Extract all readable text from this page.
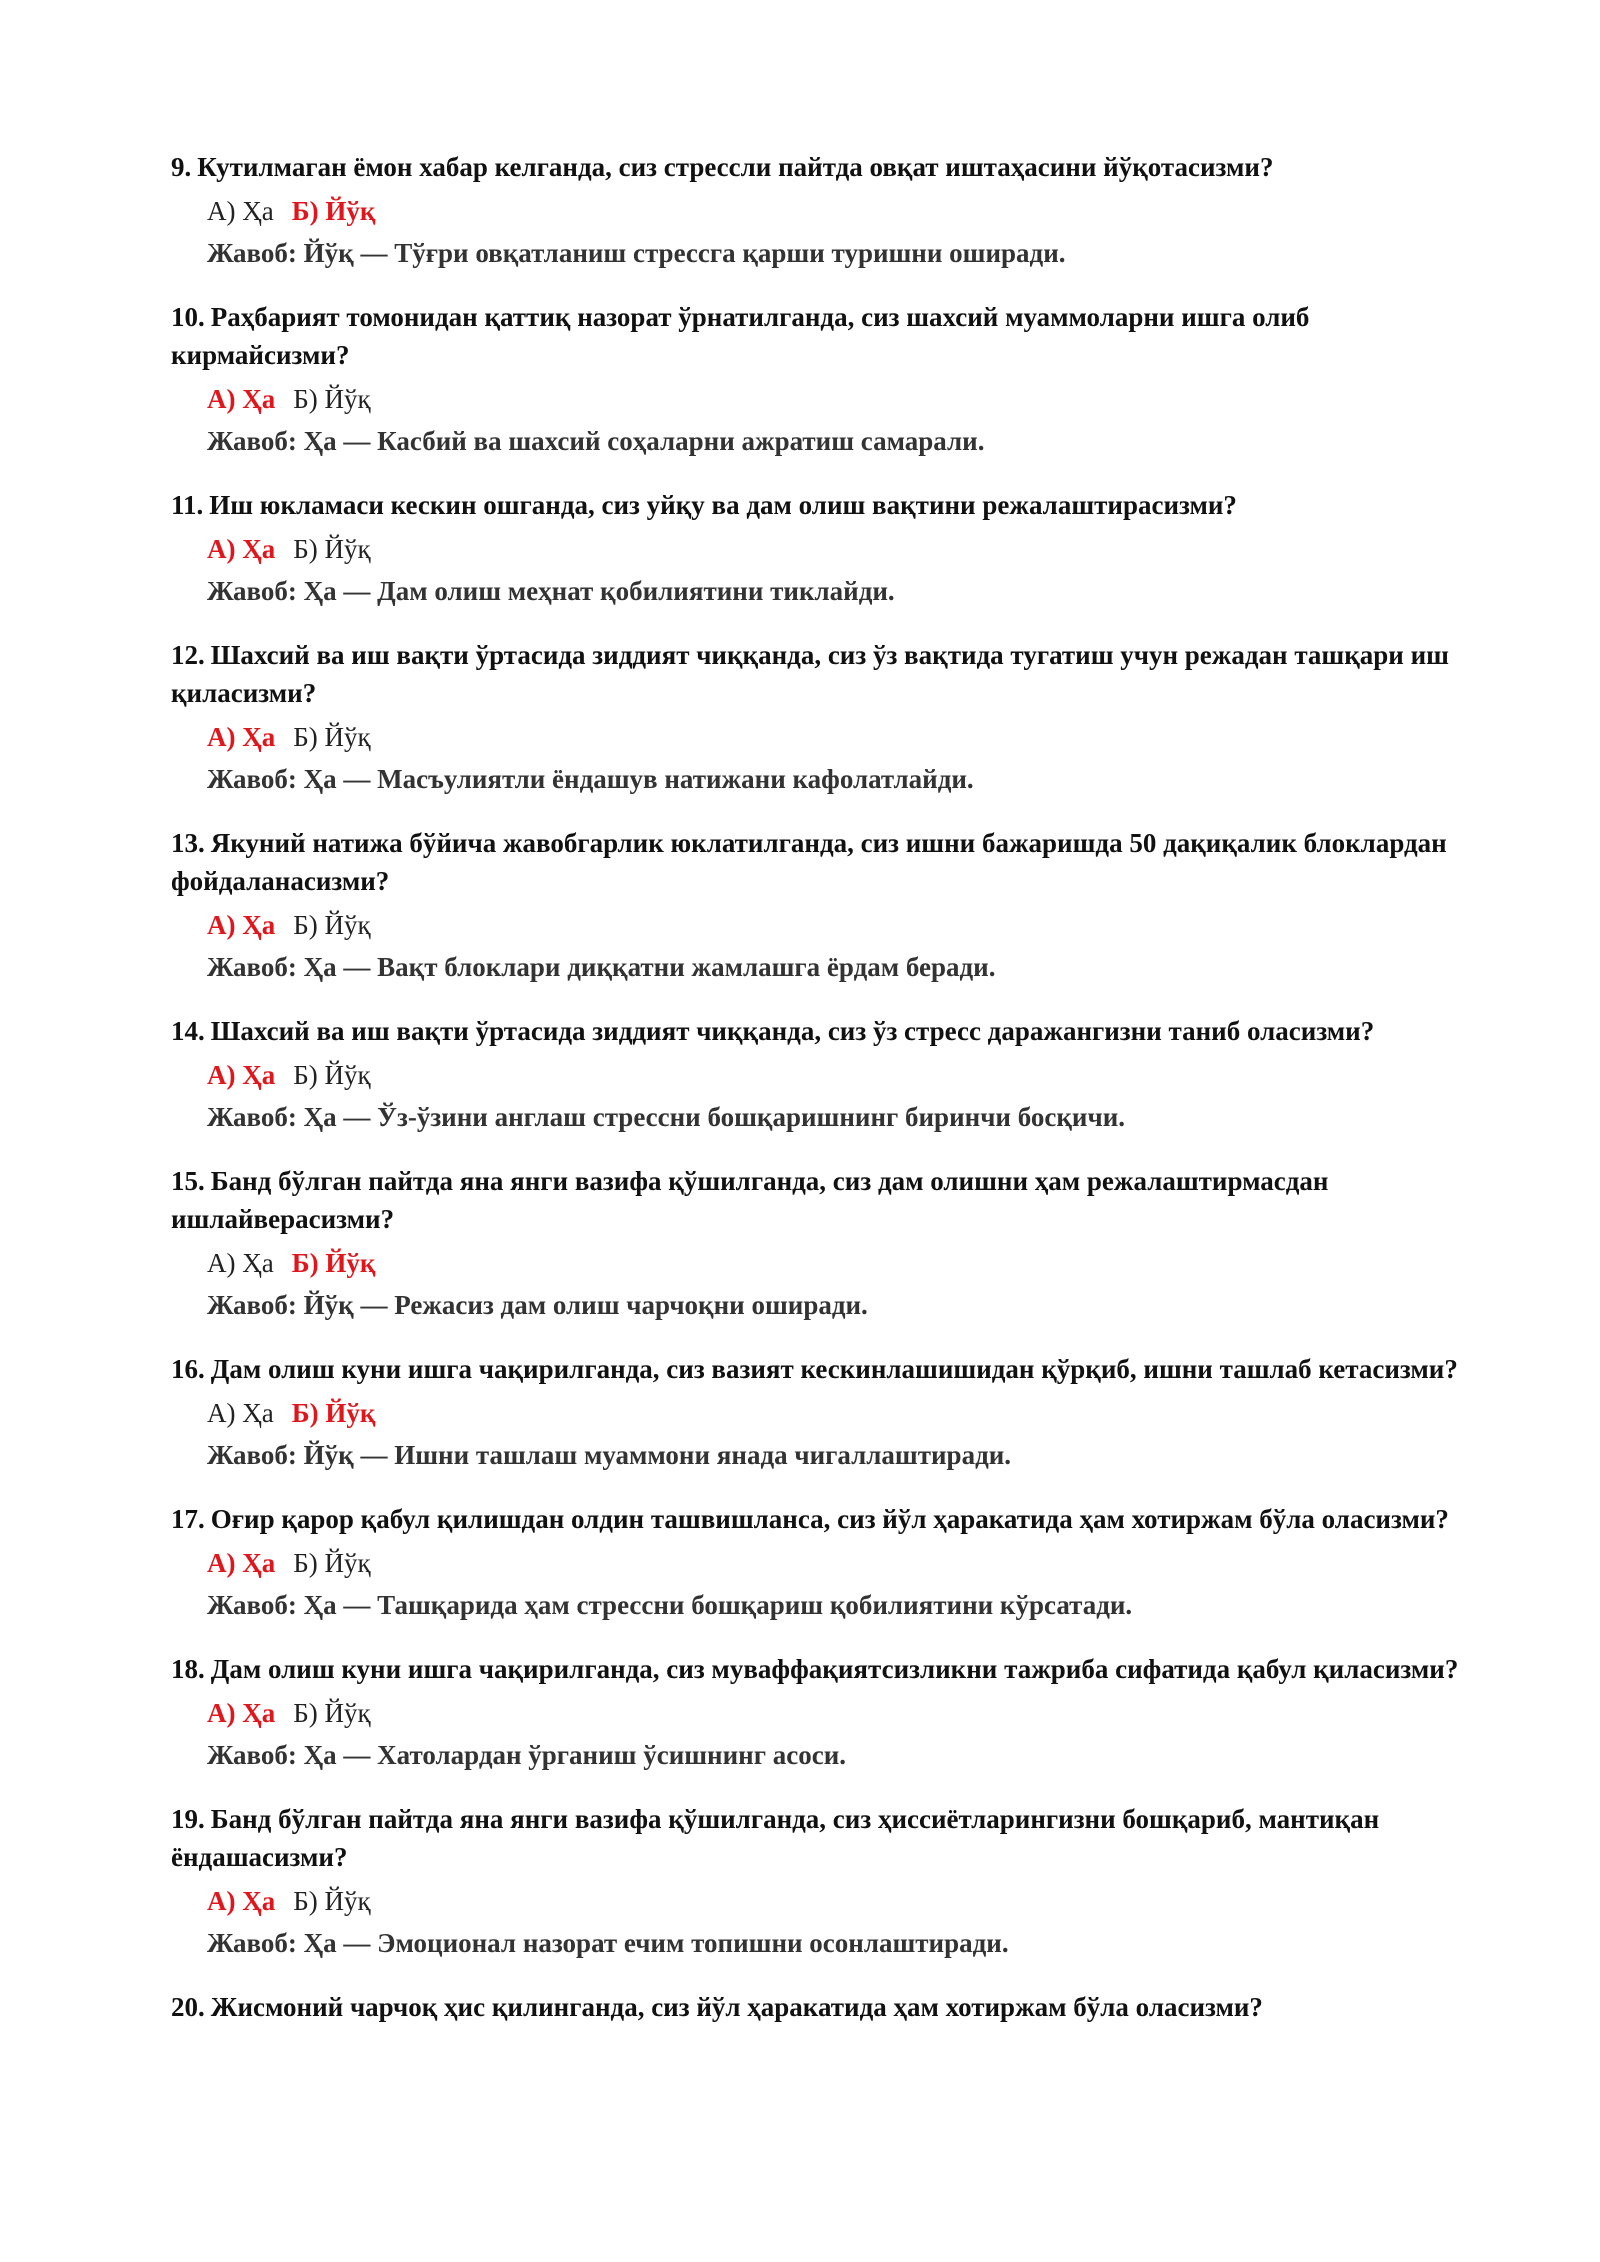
9. Кутилмаган ёмон хабар келганда, сиз стрессли пайтда овқат иштаҳасини йўқотасизми?

А) Ҳа Б) Йўқ
Жавоб: Йўқ — Тўғри овқатланиш стрессга қарши туришни оширади.

10. Раҳбарият томонидан қаттиқ назорат ўрнатилганда, сиз шахсий муаммоларни ишга олиб кирмайсизми?

А) Ҳа Б) Йўқ
Жавоб: Ҳа — Касбий ва шахсий соҳаларни ажратиш самарали.

11. Иш юкламаси кескин ошганда, сиз уйқу ва дам олиш вақтини режалаштирасизми?

А) Ҳа Б) Йўқ
Жавоб: Ҳа — Дам олиш меҳнат қобилиятини тиклайди.

12. Шахсий ва иш вақти ўртасида зиддият чиққанда, сиз ўз вақтида тугатиш учун режадан ташқари иш қиласизми?

А) Ҳа Б) Йўқ
Жавоб: Ҳа — Масъулиятли ёндашув натижани кафолатлайди.

13. Якуний натижа бўйича жавобгарлик юклатилганда, сиз ишни бажаришда 50 дақиқалик блоклардан фойдаланасизми?

А) Ҳа Б) Йўқ
Жавоб: Ҳа — Вақт блоклари диққатни жамлашга ёрдам беради.

14. Шахсий ва иш вақти ўртасида зиддият чиққанда, сиз ўз стресс даражангизни таниб оласизми?

А) Ҳа Б) Йўқ
Жавоб: Ҳа — Ўз-ўзини англаш стрессни бошқаришнинг биринчи босқичи.

15. Банд бўлган пайтда яна янги вазифа қўшилганда, сиз дам олишни ҳам режалаштирмасдан ишлайверасизми?

А) Ҳа Б) Йўқ
Жавоб: Йўқ — Режасиз дам олиш чарчоқни оширади.

16. Дам олиш куни ишга чақирилганда, сиз вазият кескинлашишидан қўрқиб, ишни ташлаб кетасизми?

А) Ҳа Б) Йўқ
Жавоб: Йўқ — Ишни ташлаш муаммони янада чигаллаштиради.

17. Оғир қарор қабул қилишдан олдин ташвишланса, сиз йўл ҳаракатида ҳам хотиржам бўла оласизми?

А) Ҳа Б) Йўқ
Жавоб: Ҳа — Ташқарида ҳам стрессни бошқариш қобилиятини кўрсатади.

18. Дам олиш куни ишга чақирилганда, сиз муваффақиятсизликни тажриба сифатида қабул қиласизми?

А) Ҳа Б) Йўқ
Жавоб: Ҳа — Хатолардан ўрганиш ўсишнинг асоси.

19. Банд бўлган пайтда яна янги вазифа қўшилганда, сиз ҳиссиётларингизни бошқариб, мантиқан ёндашасизми?

А) Ҳа Б) Йўқ
Жавоб: Ҳа — Эмоционал назорат ечим топишни осонлаштиради.

20. Жисмоний чарчоқ ҳис қилинганда, сиз йўл ҳаракатида ҳам хотиржам бўла оласизми?
